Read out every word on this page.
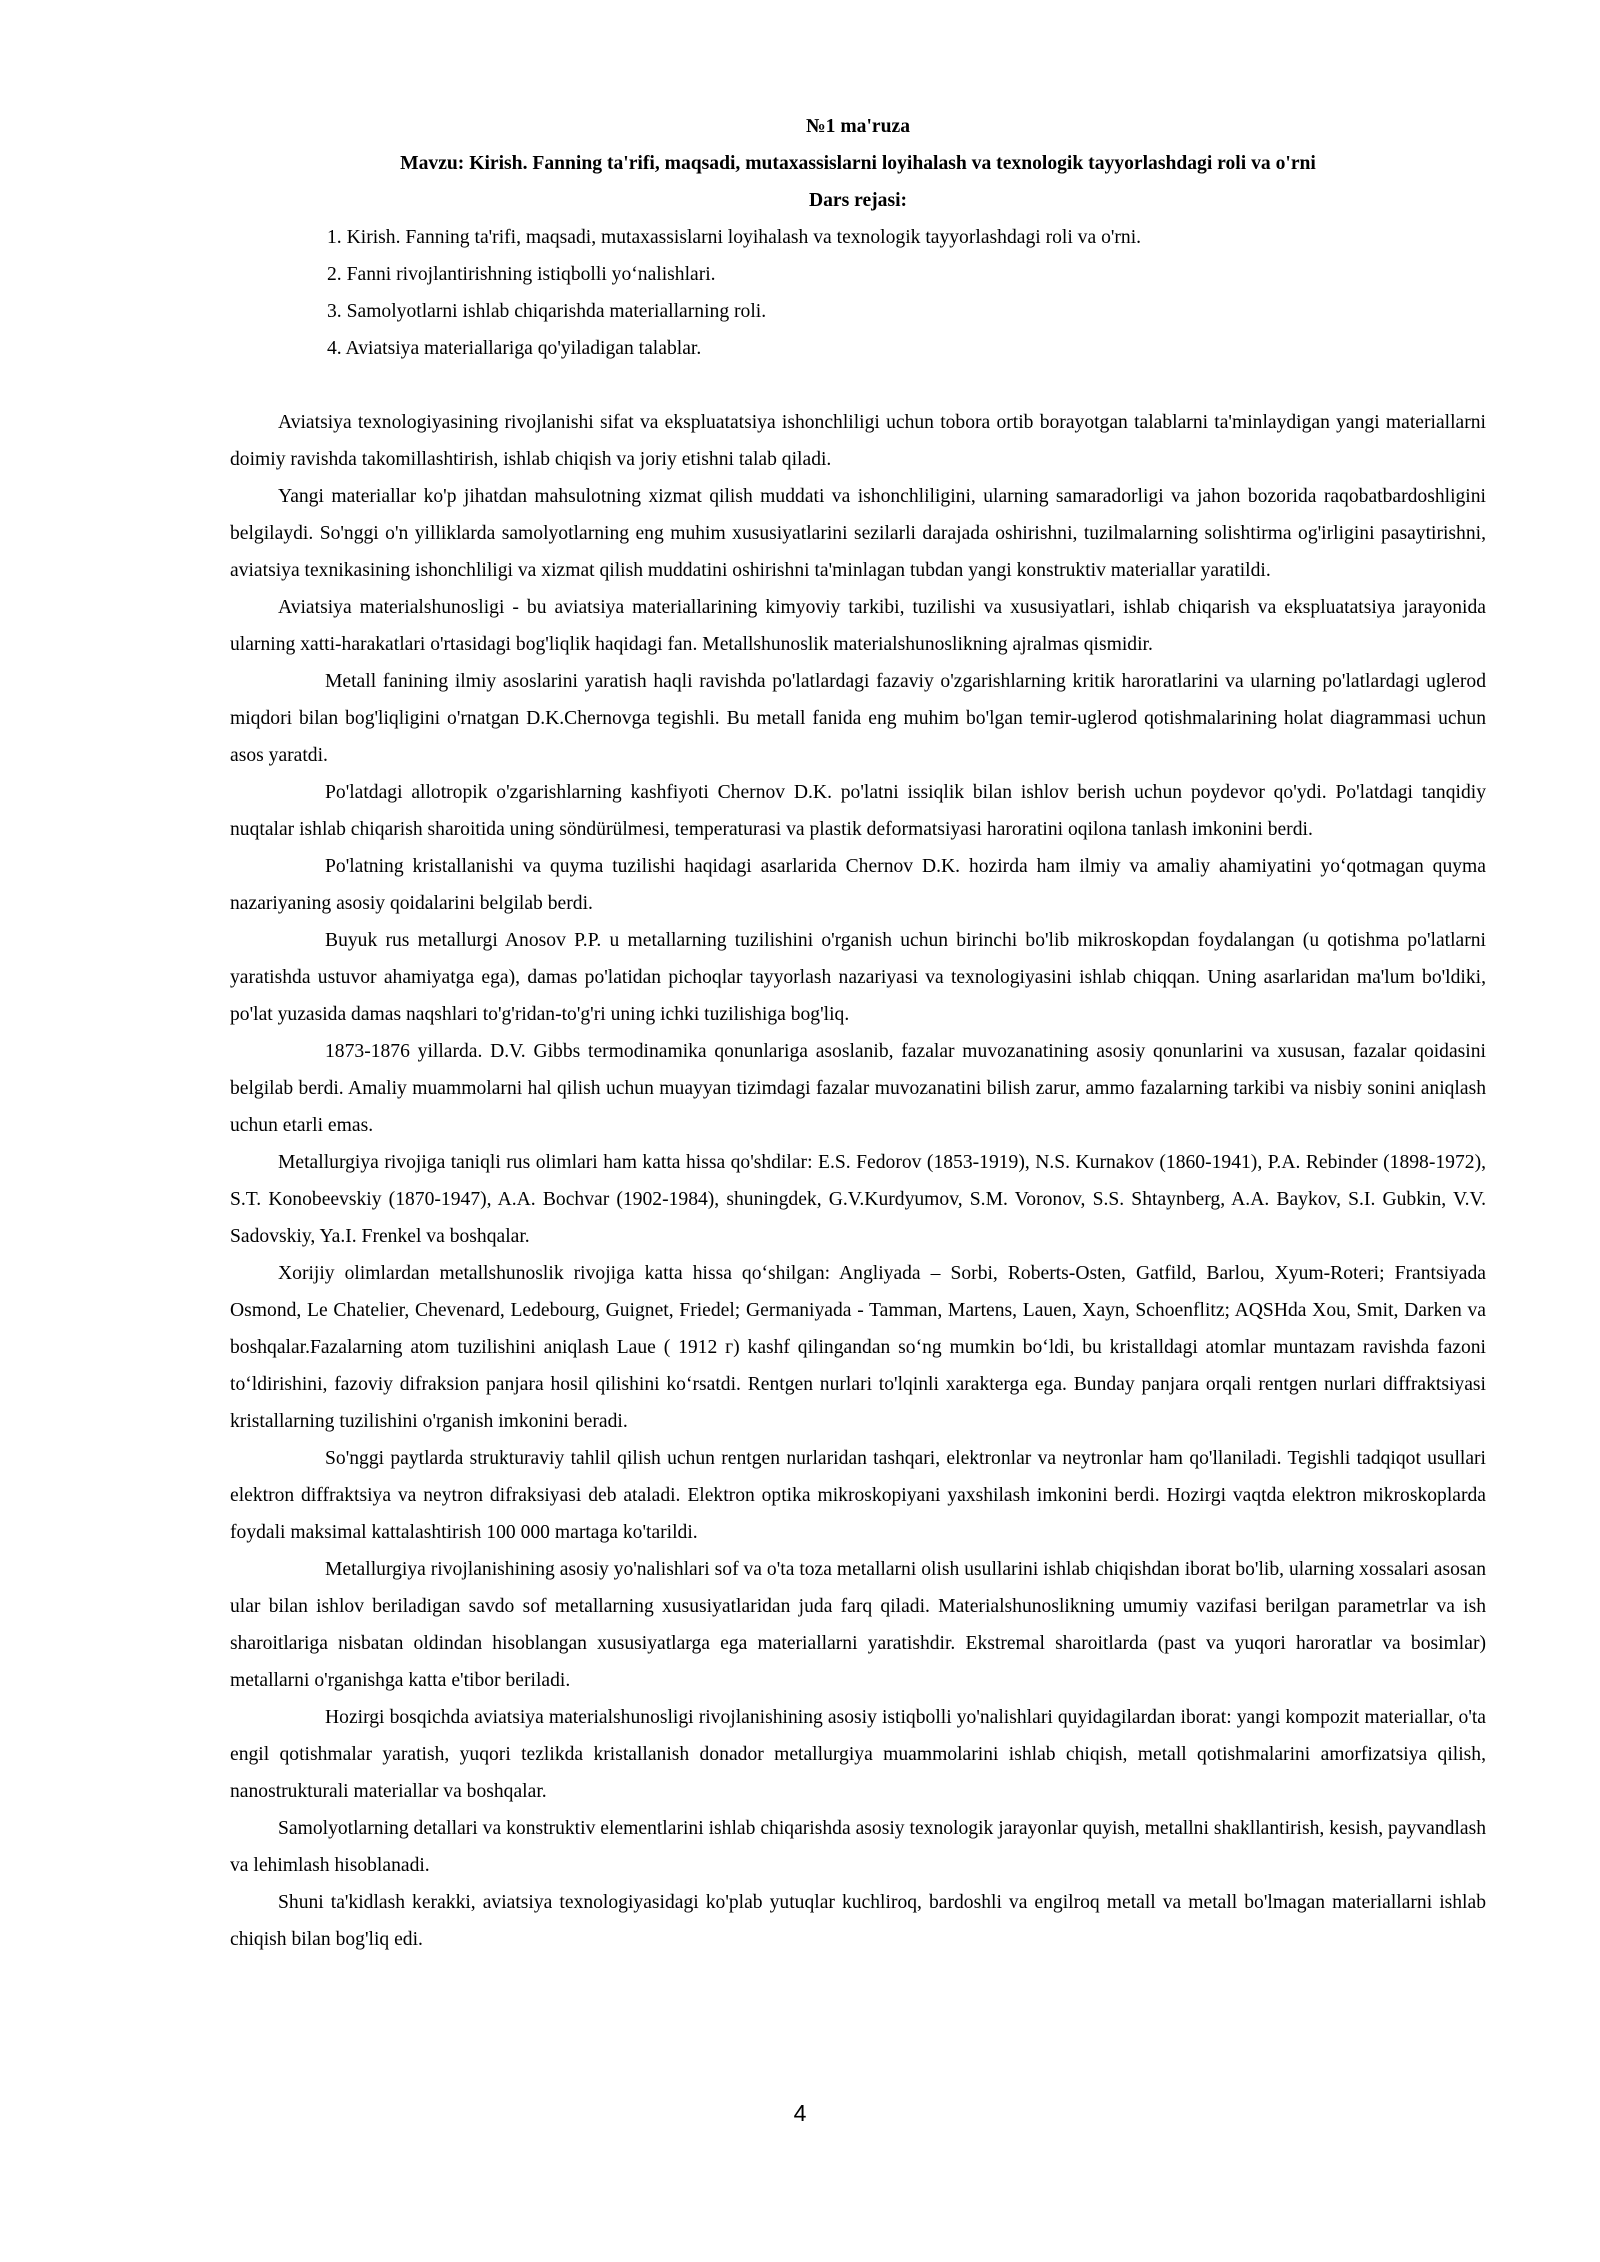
№1 ma'ruza

Mavzu: Kirish. Fanning ta'rifi, maqsadi, mutaxassislarni loyihalash va texnologik tayyorlashdagi roli va o'rni

Dars rejasi:

1. Kirish. Fanning ta'rifi, maqsadi, mutaxassislarni loyihalash va texnologik tayyorlashdagi roli va o'rni.
2. Fanni rivojlantirishning istiqbolli yo‘nalishlari.
3. Samolyotlarni ishlab chiqarishda materiallarning roli.
4. Aviatsiya materiallariga qo'yiladigan talablar.

Aviatsiya texnologiyasining rivojlanishi sifat va ekspluatatsiya ishonchliligi uchun tobora ortib borayotgan talablarni ta'minlaydigan yangi materiallarni doimiy ravishda takomillashtirish, ishlab chiqish va joriy etishni talab qiladi.

Yangi materiallar ko'p jihatdan mahsulotning xizmat qilish muddati va ishonchliligini, ularning samaradorligi va jahon bozorida raqobatbardoshligini belgilaydi. So'nggi o'n yilliklarda samolyotlarning eng muhim xususiyatlarini sezilarli darajada oshirishni, tuzilmalarning solishtirma og'irligini pasaytirishni, aviatsiya texnikasining ishonchliligi va xizmat qilish muddatini oshirishni ta'minlagan tubdan yangi konstruktiv materiallar yaratildi.

Aviatsiya materialshunosligi - bu aviatsiya materiallarining kimyoviy tarkibi, tuzilishi va xususiyatlari, ishlab chiqarish va ekspluatatsiya jarayonida ularning xatti-harakatlari o'rtasidagi bog'liqlik haqidagi fan. Metallshunoslik materialshunoslikning ajralmas qismidir.

Metall fanining ilmiy asoslarini yaratish haqli ravishda po'latlardagi fazaviy o'zgarishlarning kritik haroratlarini va ularning po'latlardagi uglerod miqdori bilan bog'liqligini o'rnatgan D.K.Chernovga tegishli. Bu metall fanida eng muhim bo'lgan temir-uglerod qotishmalarining holat diagrammasi uchun asos yaratdi.

Po'latdagi allotropik o'zgarishlarning kashfiyoti Chernov D.K. po'latni issiqlik bilan ishlov berish uchun poydevor qo'ydi. Po'latdagi tanqidiy nuqtalar ishlab chiqarish sharoitida uning söndürülmesi, temperaturasi va plastik deformatsiyasi haroratini oqilona tanlash imkonini berdi.

Po'latning kristallanishi va quyma tuzilishi haqidagi asarlarida Chernov D.K. hozirda ham ilmiy va amaliy ahamiyatini yo‘qotmagan quyma nazariyaning asosiy qoidalarini belgilab berdi.

Buyuk rus metallurgi Anosov P.P. u metallarning tuzilishini o'rganish uchun birinchi bo'lib mikroskopdan foydalangan (u qotishma po'latlarni yaratishda ustuvor ahamiyatga ega), damas po'latidan pichoqlar tayyorlash nazariyasi va texnologiyasini ishlab chiqqan. Uning asarlaridan ma'lum bo'ldiki, po'lat yuzasida damas naqshlari to'g'ridan-to'g'ri uning ichki tuzilishiga bog'liq.

1873-1876 yillarda. D.V. Gibbs termodinamika qonunlariga asoslanib, fazalar muvozanatining asosiy qonunlarini va xususan, fazalar qoidasini belgilab berdi. Amaliy muammolarni hal qilish uchun muayyan tizimdagi fazalar muvozanatini bilish zarur, ammo fazalarning tarkibi va nisbiy sonini aniqlash uchun etarli emas.

Metallurgiya rivojiga taniqli rus olimlari ham katta hissa qo'shdilar: E.S. Fedorov (1853-1919), N.S. Kurnakov (1860-1941), P.A. Rebinder (1898-1972), S.T. Konobeevskiy (1870-1947), A.A. Bochvar (1902-1984), shuningdek, G.V.Kurdyumov, S.M. Voronov, S.S. Shtaynberg, A.A. Baykov, S.I. Gubkin, V.V. Sadovskiy, Ya.I. Frenkel va boshqalar.

Xorijiy olimlardan metallshunoslik rivojiga katta hissa qo‘shilgan: Angliyada – Sorbi, Roberts-Osten, Gatfild, Barlou, Xyum-Roteri; Frantsiyada Osmond, Le Chatelier, Chevenard, Ledebourg, Guignet, Friedel; Germaniyada - Tamman, Martens, Lauen, Xayn, Schoenflitz; AQSHda Xou, Smit, Darken va boshqalar.Fazalarning atom tuzilishini aniqlash Laue ( 1912 г) kashf qilingandan so‘ng mumkin bo‘ldi, bu kristalldagi atomlar muntazam ravishda fazoni to‘ldirishini, fazoviy difraksion panjara hosil qilishini ko‘rsatdi. Rentgen nurlari to'lqinli xarakterga ega. Bunday panjara orqali rentgen nurlari diffraktsiyasi kristallarning tuzilishini o'rganish imkonini beradi.

So'nggi paytlarda strukturaviy tahlil qilish uchun rentgen nurlaridan tashqari, elektronlar va neytronlar ham qo'llaniladi. Tegishli tadqiqot usullari elektron diffraktsiya va neytron difraksiyasi deb ataladi. Elektron optika mikroskopiyani yaxshilash imkonini berdi. Hozirgi vaqtda elektron mikroskoplarda foydali maksimal kattalashtirish 100 000 martaga ko'tarildi.

Metallurgiya rivojlanishining asosiy yo'nalishlari sof va o'ta toza metallarni olish usullarini ishlab chiqishdan iborat bo'lib, ularning xossalari asosan ular bilan ishlov beriladigan savdo sof metallarning xususiyatlaridan juda farq qiladi. Materialshunoslikning umumiy vazifasi berilgan parametrlar va ish sharoitlariga nisbatan oldindan hisoblangan xususiyatlarga ega materiallarni yaratishdir. Ekstremal sharoitlarda (past va yuqori haroratlar va bosimlar) metallarni o'rganishga katta e'tibor beriladi.

Hozirgi bosqichda aviatsiya materialshunosligi rivojlanishining asosiy istiqbolli yo'nalishlari quyidagilardan iborat: yangi kompozit materiallar, o'ta engil qotishmalar yaratish, yuqori tezlikda kristallanish donador metallurgiya muammolarini ishlab chiqish, metall qotishmalarini amorfizatsiya qilish, nanostrukturali materiallar va boshqalar.

Samolyotlarning detallari va konstruktiv elementlarini ishlab chiqarishda asosiy texnologik jarayonlar quyish, metallni shakllantirish, kesish, payvandlash va lehimlash hisoblanadi.

Shuni ta'kidlash kerakki, aviatsiya texnologiyasidagi ko'plab yutuqlar kuchliroq, bardoshli va engilroq metall va metall bo'lmagan materiallarni ishlab chiqish bilan bog'liq edi.

4
